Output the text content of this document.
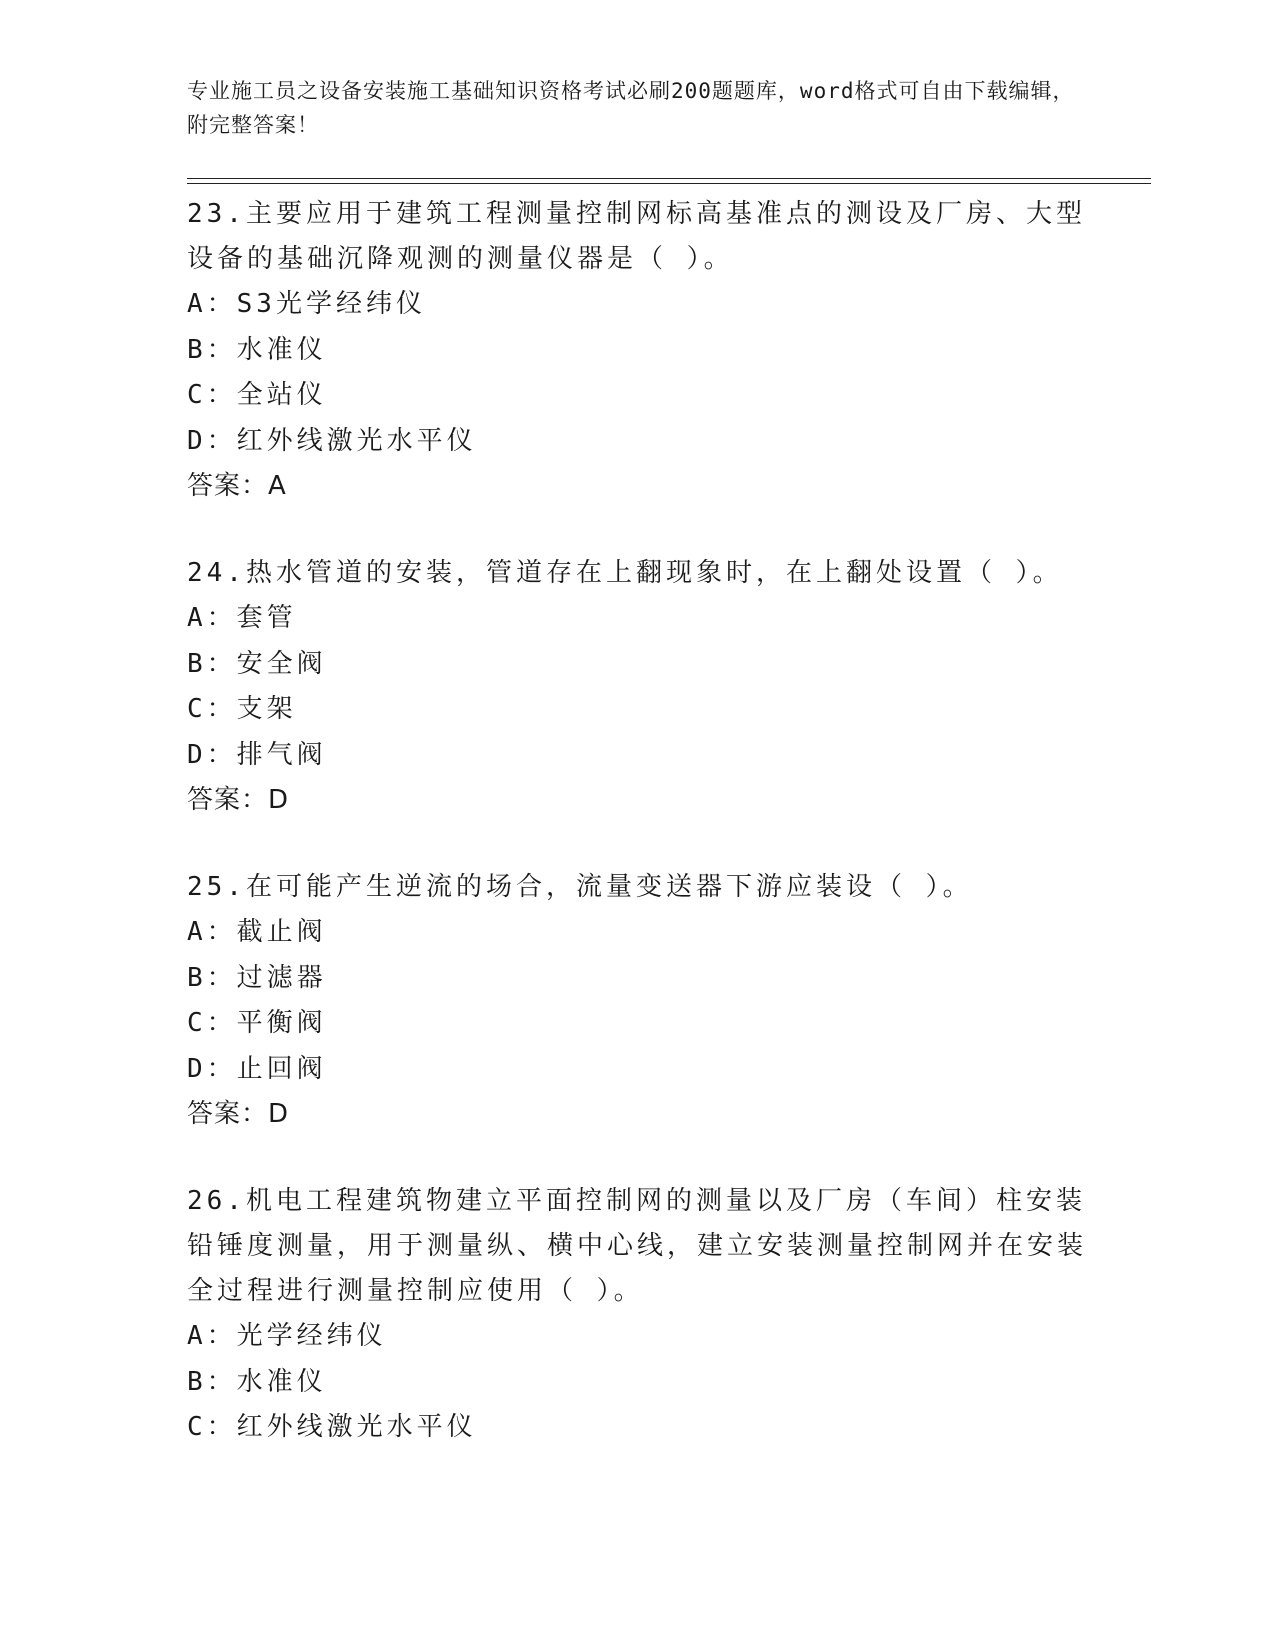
专业施工员之设备安装施工基础知识资格考试必刷200题题库，word格式可自由下载编辑，附完整答案！

23.主要应用于建筑工程测量控制网标高基准点的测设及厂房、大型设备的基础沉降观测的测量仪器是（ ）。

A：S3光学经纬仪

B：水准仪

C：全站仪

D：红外线激光水平仪

答案：A

24.热水管道的安装，管道存在上翻现象时，在上翻处设置（ ）。

A：套管

B：安全阀

C：支架

D：排气阀

答案：D

25.在可能产生逆流的场合，流量变送器下游应装设（ ）。

A：截止阀

B：过滤器

C：平衡阀

D：止回阀

答案：D

26.机电工程建筑物建立平面控制网的测量以及厂房（车间）柱安装铅锤度测量，用于测量纵、横中心线，建立安装测量控制网并在安装全过程进行测量控制应使用（ ）。

A：光学经纬仪

B：水准仪

C：红外线激光水平仪
